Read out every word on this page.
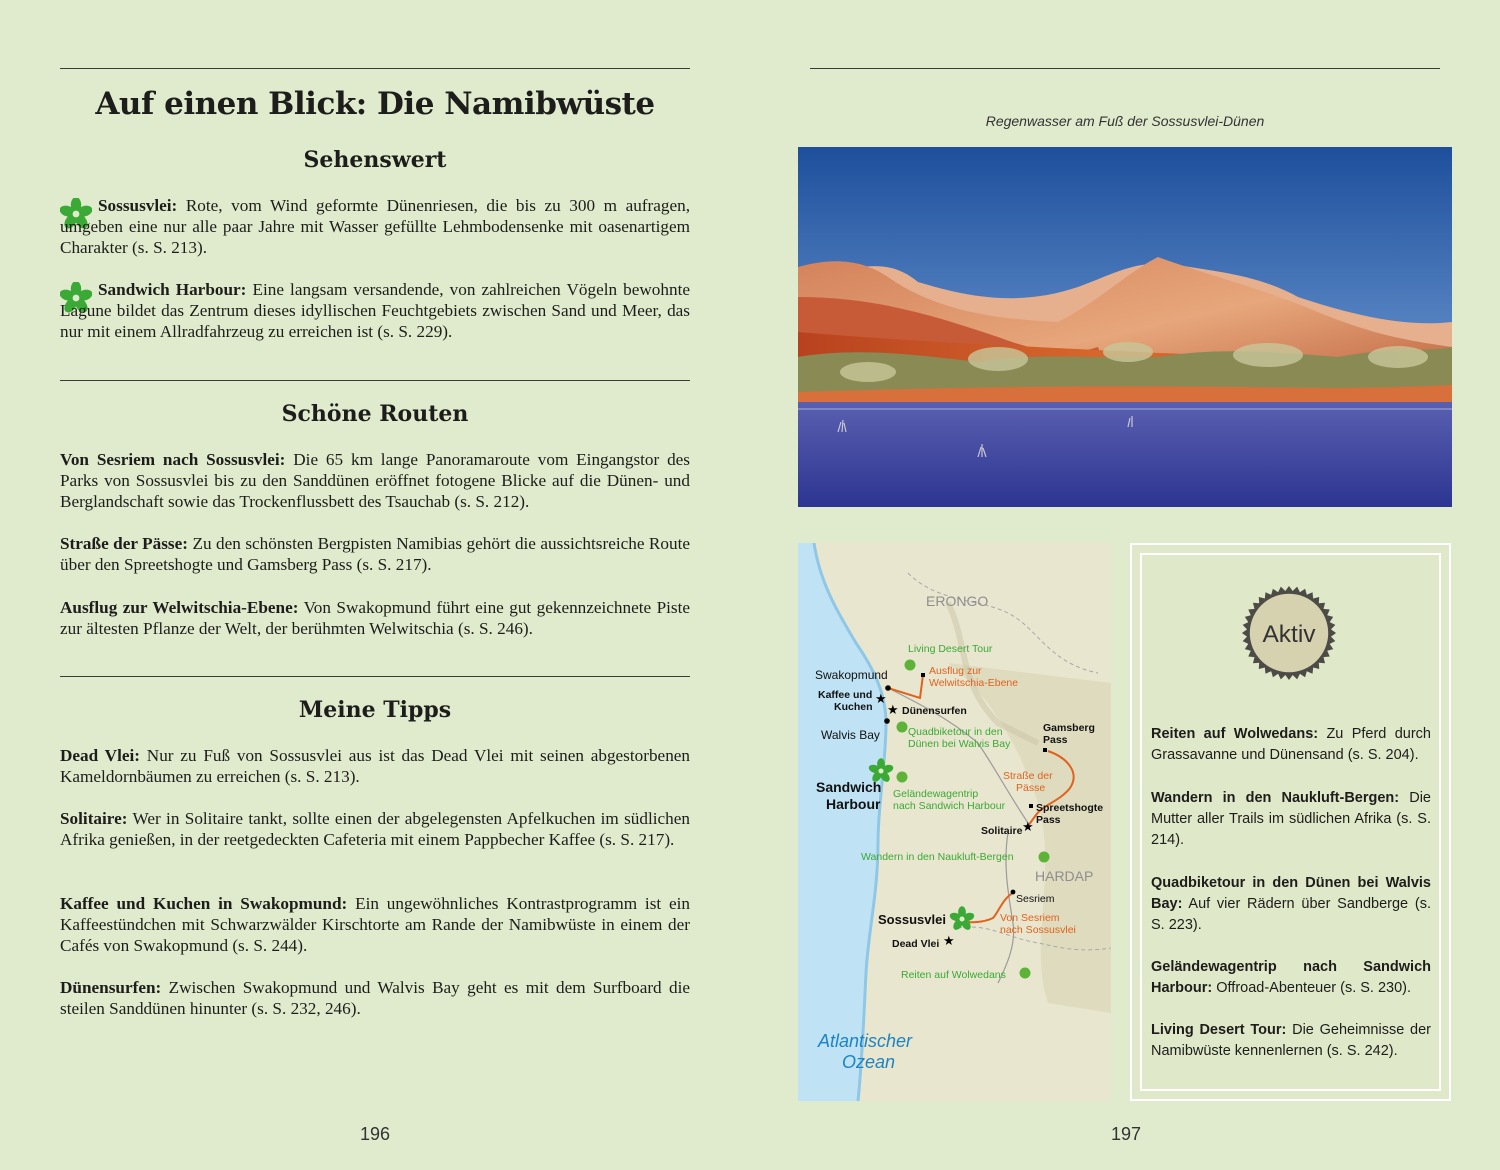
Auf einen Blick: Die Namibwüste
Sehenswert

Sossusvlei: Rote, vom Wind geformte Dünenriesen, die bis zu 300 m aufragen, umgeben eine nur alle paar Jahre mit Wasser gefüllte Lehmbodensenke mit oasenartigem Charakter (s. S. 213).

Sandwich Harbour: Eine langsam versandende, von zahlreichen Vögeln bewohnte Lagune bildet das Zentrum dieses idyllischen Feuchtgebiets zwischen Sand und Meer, das nur mit einem Allradfahrzeug zu erreichen ist (s. S. 229).

Schöne Routen

Von Sesriem nach Sossusvlei: Die 65 km lange Panoramaroute vom Eingangstor des Parks von Sossusvlei bis zu den Sanddünen eröffnet fotogene Blicke auf die Dünen- und Berglandschaft sowie das Trockenflussbett des Tsauchab (s. S. 212).

Straße der Pässe: Zu den schönsten Bergpisten Namibias gehört die aussichtsreiche Route über den Spreetshogte und Gamsberg Pass (s. S. 217).

Ausflug zur Welwitschia-Ebene: Von Swakopmund führt eine gut gekennzeichnete Piste zur ältesten Pflanze der Welt, der berühmten Welwitschia (s. S. 246).

Meine Tipps

Dead Vlei: Nur zu Fuß von Sossusvlei aus ist das Dead Vlei mit seinen abgestorbenen Kameldornbäumen zu erreichen (s. S. 213).

Solitaire: Wer in Solitaire tankt, sollte einen der abgelegensten Apfelkuchen im südlichen Afrika genießen, in der reetgedeckten Cafeteria mit einem Pappbecher Kaffee (s. S. 217).

Kaffee und Kuchen in Swakopmund: Ein ungewöhnliches Kontrastprogramm ist ein Kaffeestündchen mit Schwarzwälder Kirschtorte am Rande der Namibwüste in einem der Cafés von Swakopmund (s. S. 244).

Dünensurfen: Zwischen Swakopmund und Walvis Bay geht es mit dem Surfboard die steilen Sanddünen hinunter (s. S. 232, 246).

196
Regenwasser am Fuß der Sossusvlei-Dünen
★
★
★
★
ERONGO
HARDAP
Atlantischer
Ozean
Swakopmund
Kaffee und
Kuchen	Dünensurfen
Walvis Bay
Sandwich
Harbour
Living Desert Tour
Ausflug zur
Welwitschia-Ebene
Quadbiketour in den
Dünen bei Walvis Bay
Gamsberg
Pass
Straße der
Pässe
Spreetshogte
Pass
Solitaire
Geländewagentrip
nach Sandwich Harbour
Wandern in den Naukluft-Bergen
Sesriem
Sossusvlei	Von Sesriem
nach Sossusvlei
Dead Vlei
Reiten auf Wolwedans
Aktiv

Reiten auf Wolwedans: Zu Pferd durch Grassavanne und Dünensand (s. S. 204).

Wandern in den Naukluft-Bergen: Die Mutter aller Trails im südlichen Afrika (s. S. 214).

Quadbiketour in den Dünen bei Walvis Bay: Auf vier Rädern über Sandberge (s. S. 223).

Geländewagentrip nach Sandwich Harbour: Offroad-Abenteuer (s. S. 230).

Living Desert Tour: Die Geheimnisse der Namibwüste kennenlernen (s. S. 242).

197
